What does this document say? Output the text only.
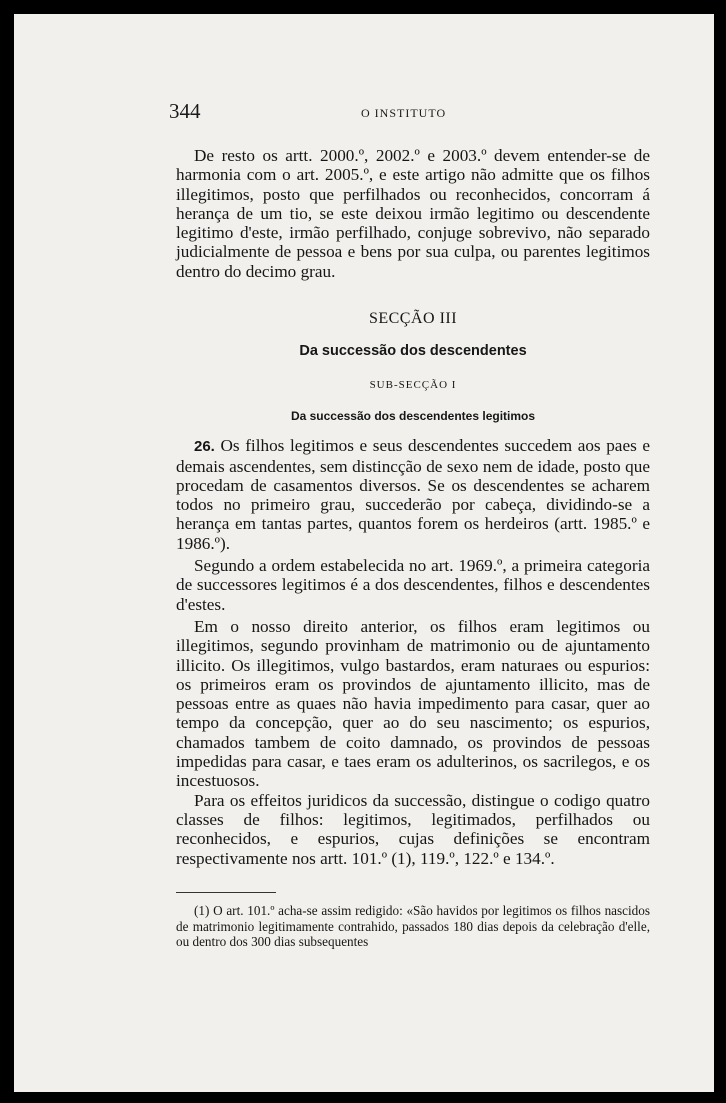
344	O INSTITUTO

De resto os artt. 2000.º, 2002.º e 2003.º devem entender-se de harmonia com o art. 2005.º, e este artigo não admitte que os filhos illegitimos, posto que perfilhados ou reconhecidos, concorram á herança de um tio, se este deixou irmão legitimo ou descendente legitimo d'este, irmão perfilhado, conjuge sobrevivo, não separado judicialmente de pessoa e bens por sua culpa, ou parentes legitimos dentro do decimo grau.

SECÇÃO III
Da successão dos descendentes
SUB-SECÇÃO I
Da successão dos descendentes legitimos

26. Os filhos legitimos e seus descendentes succedem aos paes e demais ascendentes, sem distincção de sexo nem de idade, posto que procedam de casamentos diversos. Se os descendentes se acharem todos no primeiro grau, succederão por cabeça, dividindo-se a herança em tantas partes, quantos forem os herdeiros (artt. 1985.º e 1986.º).

Segundo a ordem estabelecida no art. 1969.º, a primeira categoria de successores legitimos é a dos descendentes, filhos e descendentes d'estes.

Em o nosso direito anterior, os filhos eram legitimos ou illegitimos, segundo provinham de matrimonio ou de ajuntamento illicito. Os illegitimos, vulgo bastardos, eram naturaes ou espurios: os primeiros eram os provindos de ajuntamento illicito, mas de pessoas entre as quaes não havia impedimento para casar, quer ao tempo da concepção, quer ao do seu nascimento; os espurios, chamados tambem de coito damnado, os provindos de pessoas impedidas para casar, e taes eram os adulterinos, os sacrilegos, e os incestuosos.

Para os effeitos juridicos da successão, distingue o codigo quatro classes de filhos: legitimos, legitimados, perfilhados ou reconhecidos, e espurios, cujas definições se encontram respectivamente nos artt. 101.º (1), 119.º, 122.º e 134.º.

(1) O art. 101.º acha-se assim redigido: «São havidos por legitimos os filhos nascidos de matrimonio legitimamente contrahido, passados 180 dias depois da celebração d'elle, ou dentro dos 300 dias subsequentes
